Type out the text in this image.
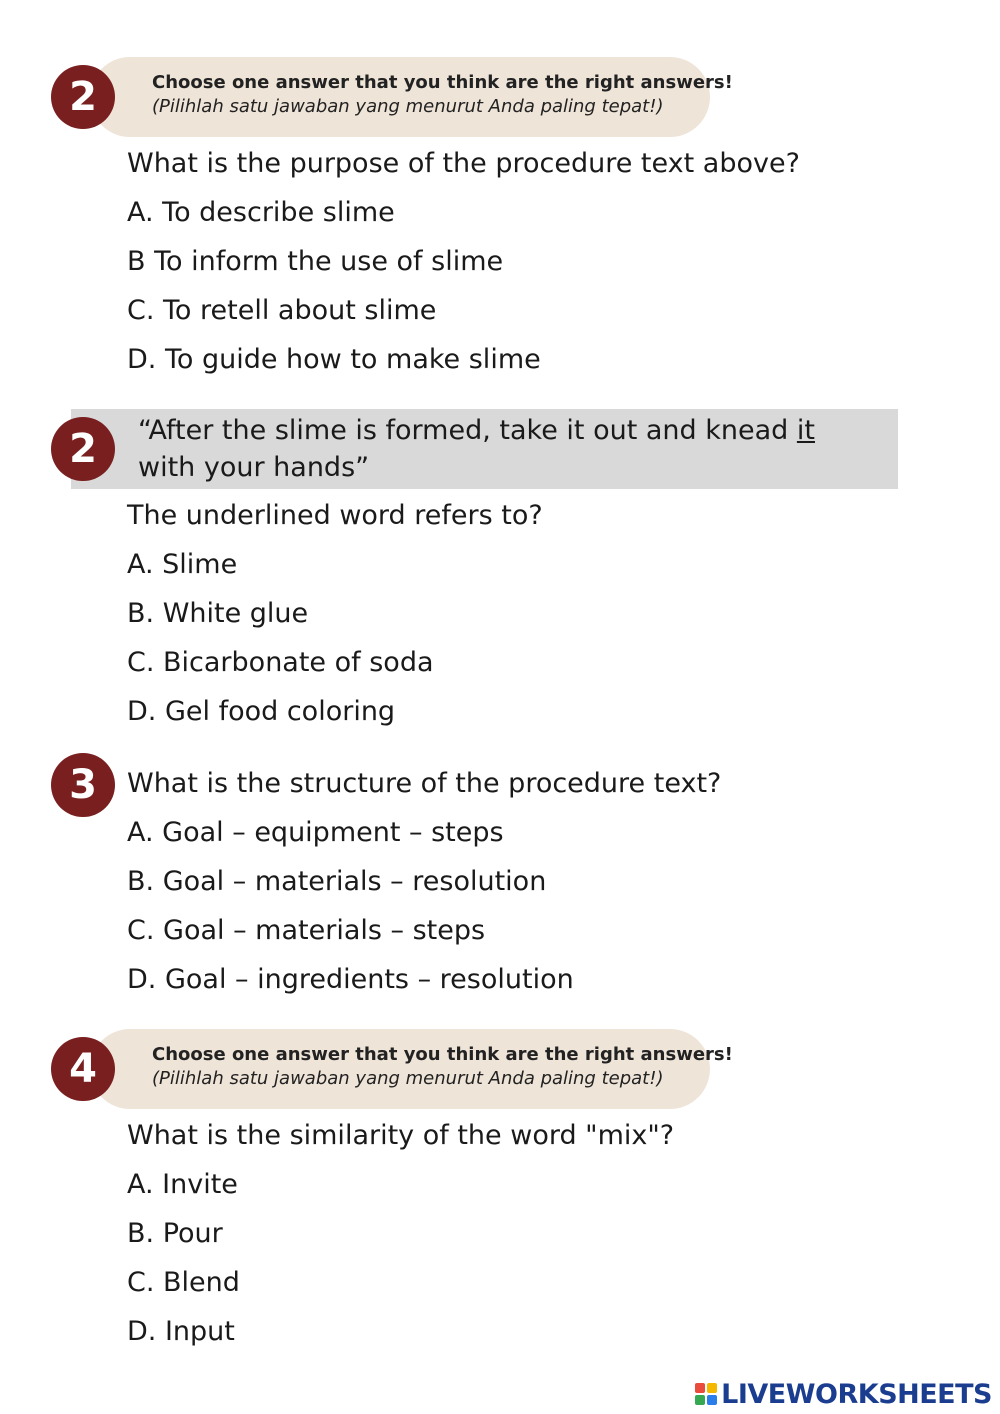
Choose one answer that you think are the right answers!
(Pilihlah satu jawaban yang menurut Anda paling tepat!)
2
What is the purpose of the procedure text above?
A. To describe slime
B To inform the use of slime
C. To retell about slime
D. To guide how to make slime
2	“After the slime is formed, take it out and knead it with your hands”
The underlined word refers to?
A. Slime
B. White glue
C. Bicarbonate of soda
D. Gel food coloring
3	What is the structure of the procedure text?
A. Goal – equipment – steps
B. Goal – materials – resolution
C. Goal – materials – steps
D. Goal – ingredients – resolution
Choose one answer that you think are the right answers!
(Pilihlah satu jawaban yang menurut Anda paling tepat!)
4
What is the similarity of the word "mix"?
A. Invite
B. Pour
C. Blend
D. Input
LIVEWORKSHEETS
